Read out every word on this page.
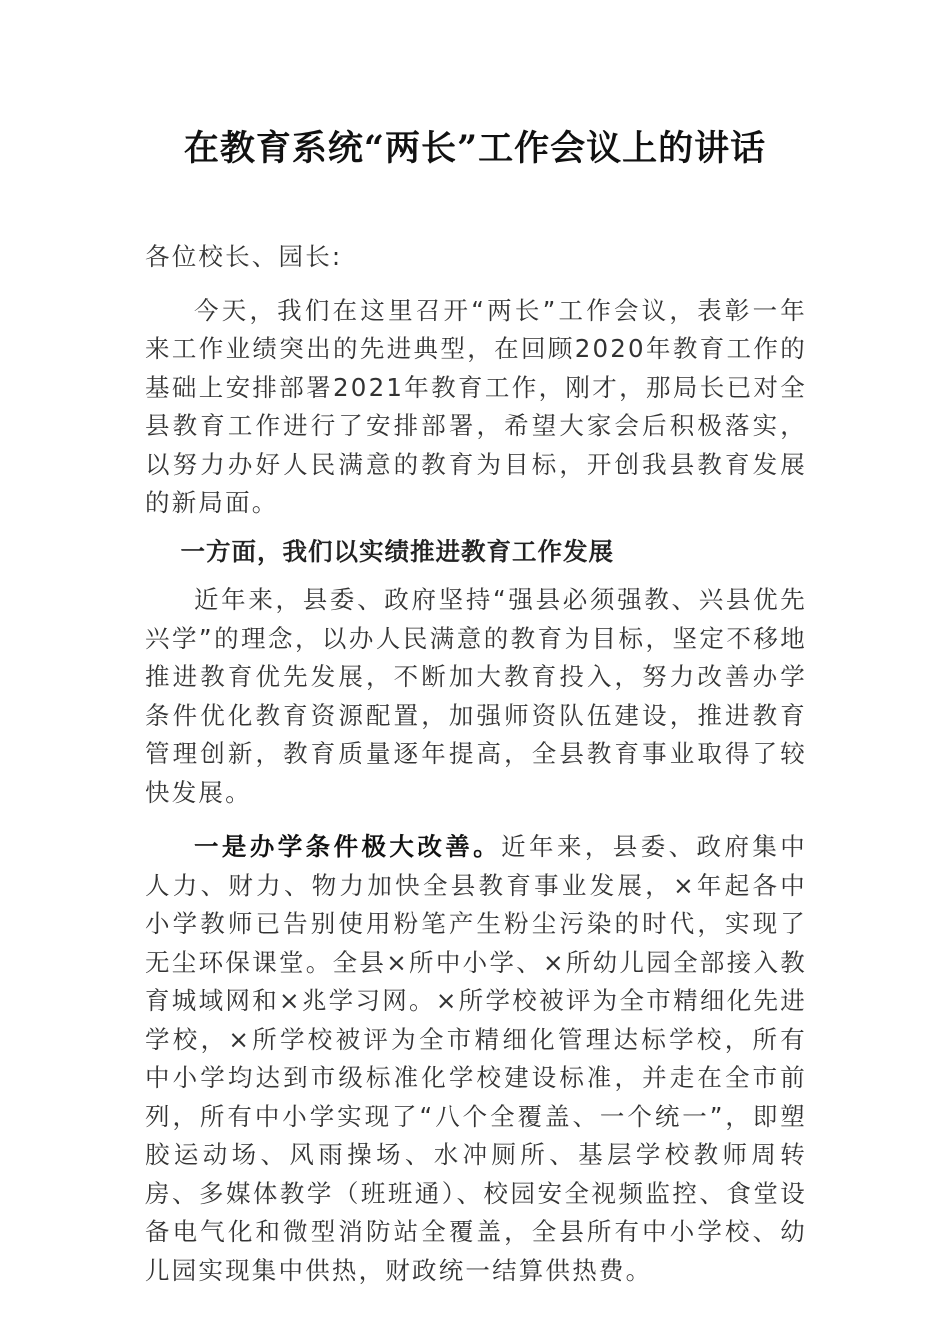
在教育系统“两长”工作会议上的讲话

各位校长、园长:

今天，我们在这里召开“两长”工作会议，表彰一年来工作业绩突出的先进典型，在回顾2020年教育工作的基础上安排部署2021年教育工作，刚才，那局长已对全县教育工作进行了安排部署，希望大家会后积极落实，以努力办好人民满意的教育为目标，开创我县教育发展的新局面。

一方面，我们以实绩推进教育工作发展

近年来，县委、政府坚持“强县必须强教、兴县优先兴学”的理念，以办人民满意的教育为目标，坚定不移地推进教育优先发展，不断加大教育投入，努力改善办学条件优化教育资源配置，加强师资队伍建设，推进教育管理创新，教育质量逐年提高，全县教育事业取得了较快发展。

一是办学条件极大改善。近年来，县委、政府集中人力、财力、物力加快全县教育事业发展，×年起各中小学教师已告别使用粉笔产生粉尘污染的时代，实现了无尘环保课堂。全县×所中小学、×所幼儿园全部接入教育城域网和×兆学习网。×所学校被评为全市精细化先进学校，×所学校被评为全市精细化管理达标学校，所有中小学均达到市级标准化学校建设标准，并走在全市前列，所有中小学实现了“八个全覆盖、一个统一”，即塑胶运动场、风雨操场、水冲厕所、基层学校教师周转房、多媒体教学（班班通）、校园安全视频监控、食堂设备电气化和微型消防站全覆盖，全县所有中小学校、幼儿园实现集中供热，财政统一结算供热费。
